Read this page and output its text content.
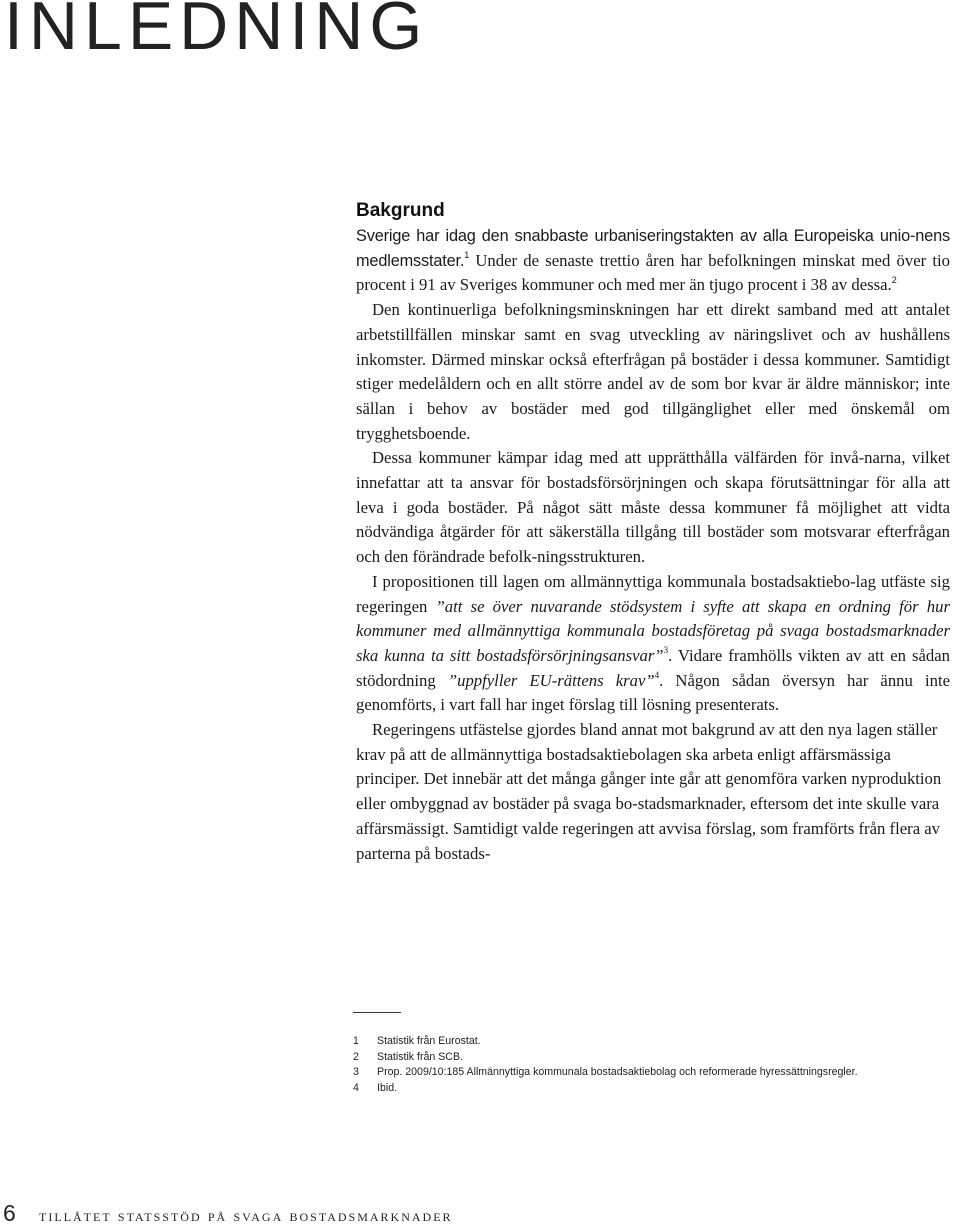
INLEDNING
Bakgrund

Sverige har idag den snabbaste urbaniseringstakten av alla Europeiska unio-nens medlemsstater.$^1$ Under de senaste trettio åren har befolkningen minskat med över tio procent i 91 av Sveriges kommuner och med mer än tjugo procent i 38 av dessa.$^2$

Den kontinuerliga befolkningsminskningen har ett direkt samband med att antalet arbetstillfällen minskar samt en svag utveckling av näringslivet och av hushållens inkomster. Därmed minskar också efterfrågan på bostäder i dessa kommuner. Samtidigt stiger medelåldern och en allt större andel av de som bor kvar är äldre människor; inte sällan i behov av bostäder med god tillgänglighet eller med önskemål om trygghetsboende.

Dessa kommuner kämpar idag med att upprätthålla välfärden för invå-narna, vilket innefattar att ta ansvar för bostadsförsörjningen och skapa förutsättningar för alla att leva i goda bostäder. På något sätt måste dessa kommuner få möjlighet att vidta nödvändiga åtgärder för att säkerställa tillgång till bostäder som motsvarar efterfrågan och den förändrade befolk-ningsstrukturen.

I propositionen till lagen om allmännyttiga kommunala bostadsaktiebo-lag utfäste sig regeringen ”att se över nuvarande stödsystem i syfte att skapa en ordning för hur kommuner med allmännyttiga kommunala bostadsföretag på svaga bostadsmarknader ska kunna ta sitt bostadsförsörjningsansvar”$^3$. Vidare framhölls vikten av att en sådan stödordning ”uppfyller EU-rättens krav”$^4$. Någon sådan översyn har ännu inte genomförts, i vart fall har inget förslag till lösning presenterats.

Regeringens utfästelse gjordes bland annat mot bakgrund av att den nya lagen ställer krav på att de allmännyttiga bostadsaktiebolagen ska arbeta enligt affärsmässiga principer. Det innebär att det många gånger inte går att genomföra varken nyproduktion eller ombyggnad av bostäder på svaga bo-stadsmarknader, eftersom det inte skulle vara affärsmässigt. Samtidigt valde regeringen att avvisa förslag, som framförts från flera av parterna på bostads-

1	Statistik från Eurostat.
2	Statistik från SCB.
3	Prop. 2009/10:185 Allmännyttiga kommunala bostadsaktiebolag och reformerade hyressättningsregler.
4	Ibid.
6	tillåtet statsstöd på svaga bostadsmarknader
